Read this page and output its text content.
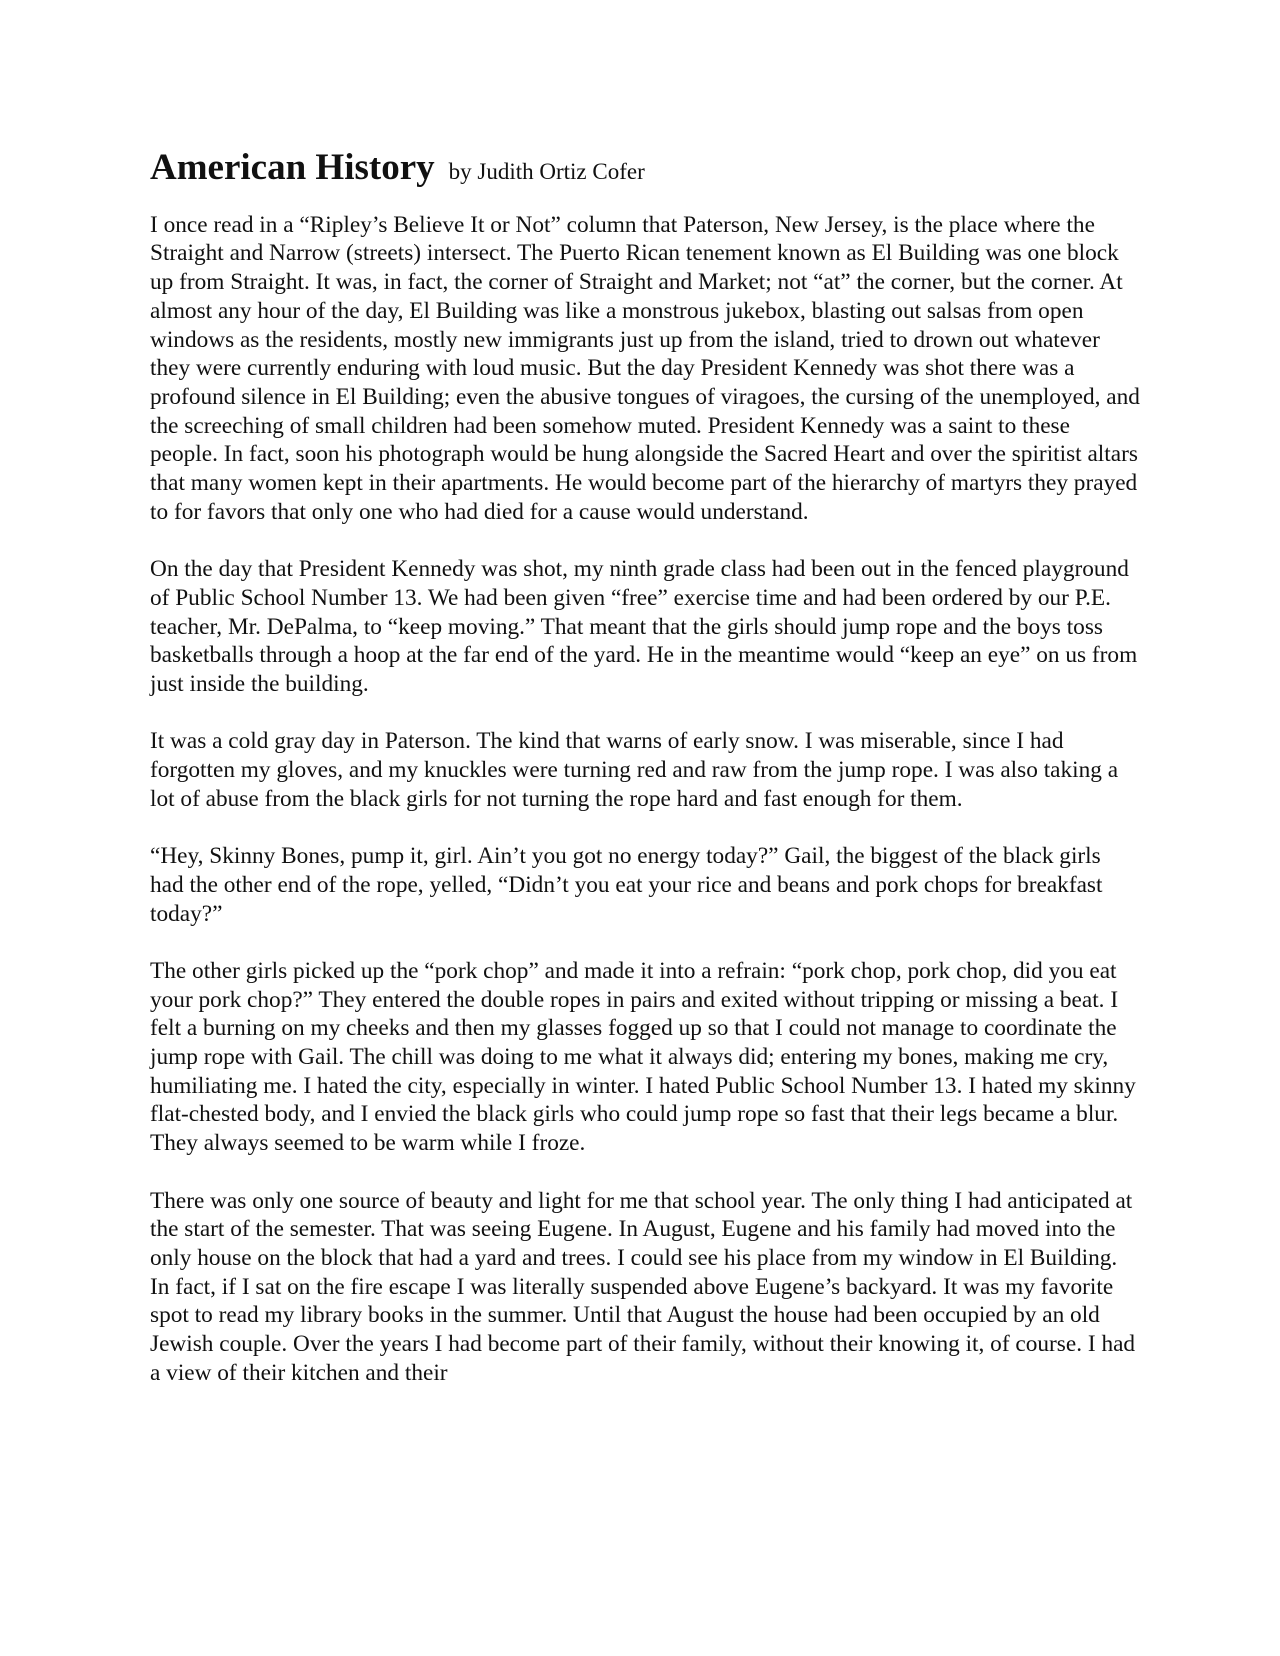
American History by Judith Ortiz Cofer

I once read in a “Ripley’s Believe It or Not” column that Paterson, New Jersey, is the place where the Straight and Narrow (streets) intersect. The Puerto Rican tenement known as El Building was one block up from Straight. It was, in fact, the corner of Straight and Market; not “at” the corner, but the corner. At almost any hour of the day, El Building was like a monstrous jukebox, blasting out salsas from open windows as the residents, mostly new immigrants just up from the island, tried to drown out whatever they were currently enduring with loud music. But the day President Kennedy was shot there was a profound silence in El Building; even the abusive tongues of viragoes, the cursing of the unemployed, and the screeching of small children had been somehow muted. President Kennedy was a saint to these people. In fact, soon his photograph would be hung alongside the Sacred Heart and over the spiritist altars that many women kept in their apartments. He would become part of the hierarchy of martyrs they prayed to for favors that only one who had died for a cause would understand.

On the day that President Kennedy was shot, my ninth grade class had been out in the fenced playground of Public School Number 13. We had been given “free” exercise time and had been ordered by our P.E. teacher, Mr. DePalma, to “keep moving.” That meant that the girls should jump rope and the boys toss basketballs through a hoop at the far end of the yard. He in the meantime would “keep an eye” on us from just inside the building.

It was a cold gray day in Paterson. The kind that warns of early snow. I was miserable, since I had forgotten my gloves, and my knuckles were turning red and raw from the jump rope. I was also taking a lot of abuse from the black girls for not turning the rope hard and fast enough for them.

“Hey, Skinny Bones, pump it, girl. Ain’t you got no energy today?” Gail, the biggest of the black girls had the other end of the rope, yelled, “Didn’t you eat your rice and beans and pork chops for breakfast today?”

The other girls picked up the “pork chop” and made it into a refrain: “pork chop, pork chop, did you eat your pork chop?” They entered the double ropes in pairs and exited without tripping or missing a beat. I felt a burning on my cheeks and then my glasses fogged up so that I could not manage to coordinate the jump rope with Gail. The chill was doing to me what it always did; entering my bones, making me cry, humiliating me. I hated the city, especially in winter. I hated Public School Number 13. I hated my skinny flat-chested body, and I envied the black girls who could jump rope so fast that their legs became a blur. They always seemed to be warm while I froze.

There was only one source of beauty and light for me that school year. The only thing I had anticipated at the start of the semester. That was seeing Eugene. In August, Eugene and his family had moved into the only house on the block that had a yard and trees. I could see his place from my window in El Building. In fact, if I sat on the fire escape I was literally suspended above Eugene’s backyard. It was my favorite spot to read my library books in the summer. Until that August the house had been occupied by an old Jewish couple. Over the years I had become part of their family, without their knowing it, of course. I had a view of their kitchen and their
